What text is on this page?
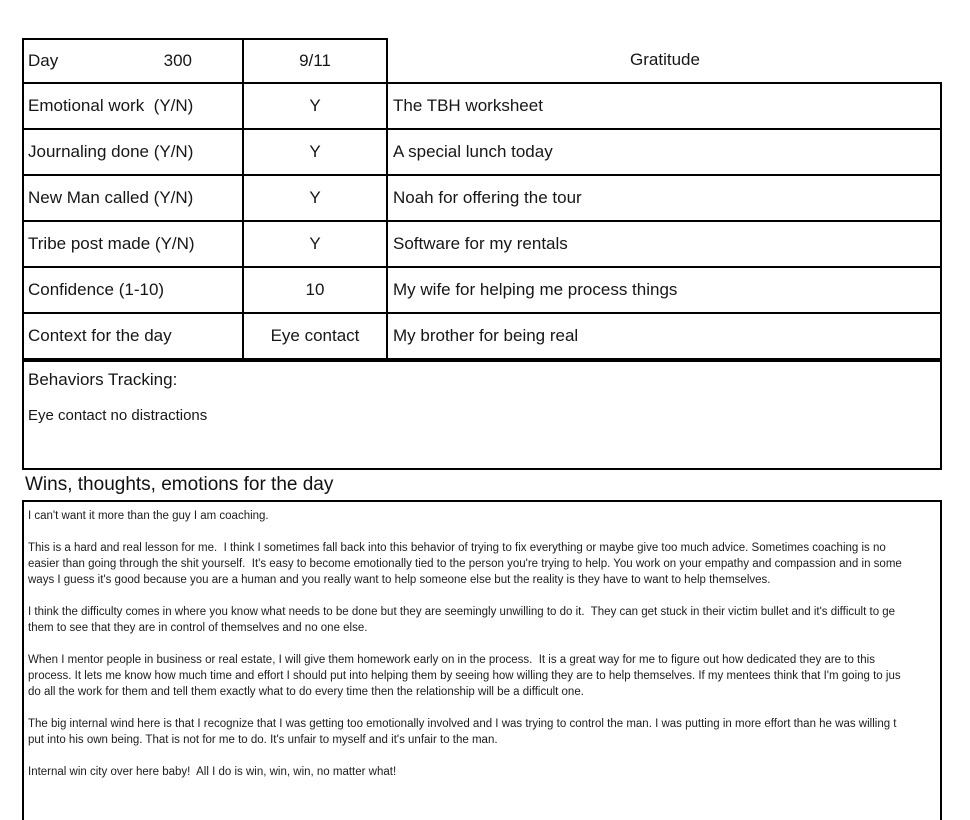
Day	300	9/11	Gratitude
Emotional work  (Y/N)	Y	The TBH worksheet
Journaling done (Y/N)	Y	A special lunch today
New Man called (Y/N)	Y	Noah for offering the tour
Tribe post made (Y/N)	Y	Software for my rentals
Confidence (1-10)	10	My wife for helping me process things
Context for the day	Eye contact	My brother for being real
Behaviors Tracking:
Eye contact no distractions
Wins, thoughts, emotions for the day
I can't want it more than the guy I am coaching.
This is a hard and real lesson for me.  I think I sometimes fall back into this behavior of trying to fix everything or maybe give too much advice. Sometimes coaching is no
easier than going through the shit yourself.  It's easy to become emotionally tied to the person you're trying to help. You work on your empathy and compassion and in some
ways I guess it's good because you are a human and you really want to help someone else but the reality is they have to want to help themselves.
I think the difficulty comes in where you know what needs to be done but they are seemingly unwilling to do it.  They can get stuck in their victim bullet and it's difficult to ge
them to see that they are in control of themselves and no one else.
When I mentor people in business or real estate, I will give them homework early on in the process.  It is a great way for me to figure out how dedicated they are to this
process. It lets me know how much time and effort I should put into helping them by seeing how willing they are to help themselves. If my mentees think that I'm going to jus
do all the work for them and tell them exactly what to do every time then the relationship will be a difficult one.
The big internal wind here is that I recognize that I was getting too emotionally involved and I was trying to control the man. I was putting in more effort than he was willing t
put into his own being. That is not for me to do. It's unfair to myself and it's unfair to the man.
Internal win city over here baby!  All I do is win, win, win, no matter what!
